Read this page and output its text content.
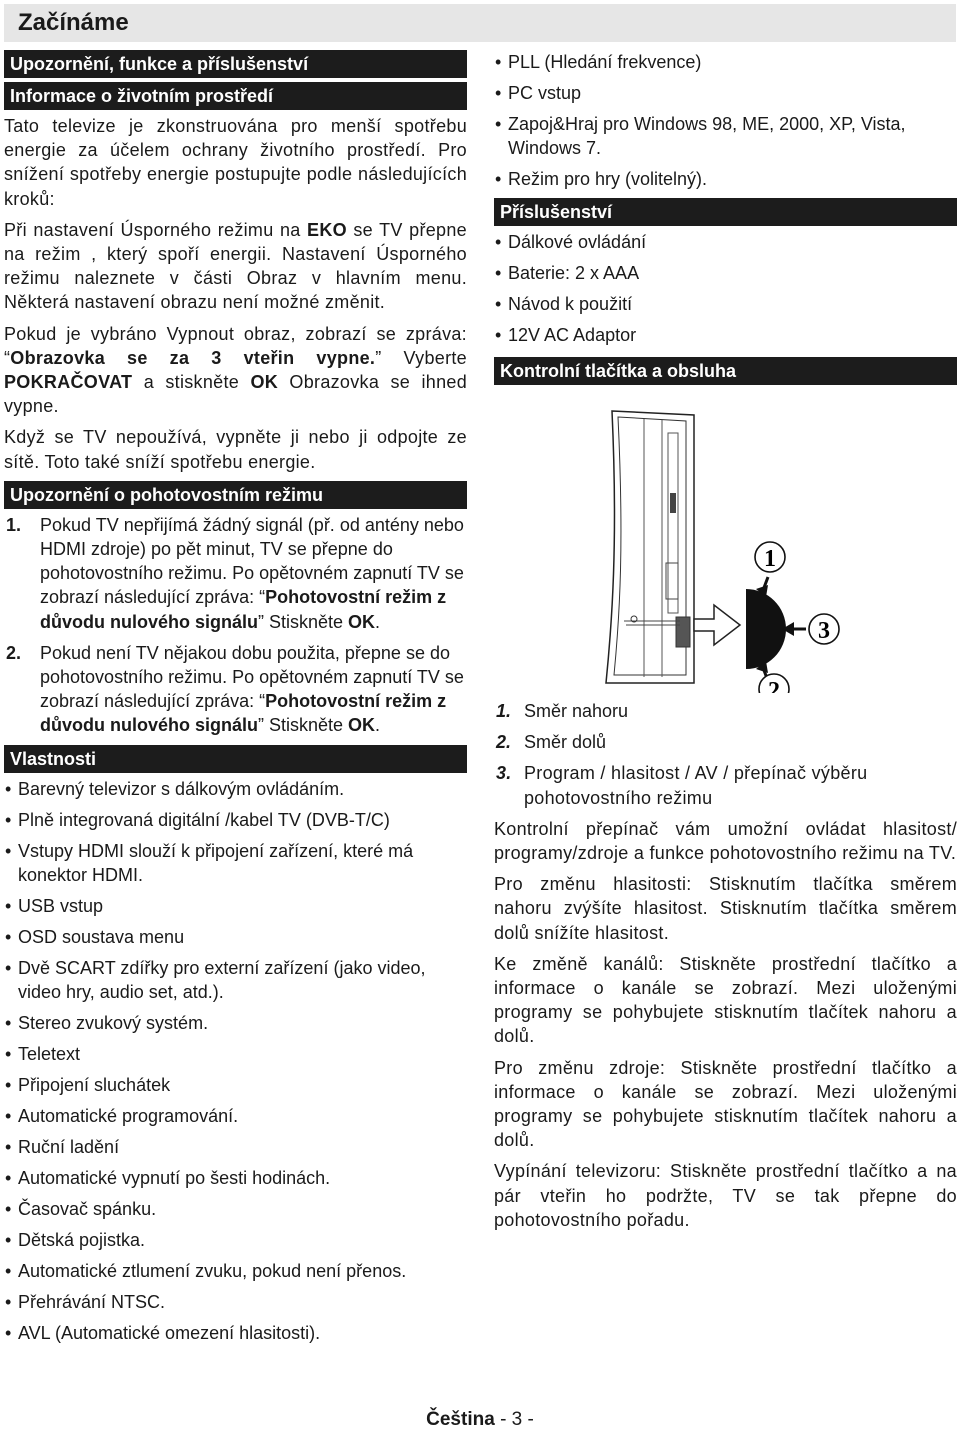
Začínáme
Upozornění, funkce a příslušenství
Informace o životním prostředí

Tato televize je zkonstruována pro menší spotřebu energie za účelem ochrany životního prostředí. Pro snížení spotřeby energie postupujte podle následujících kroků:

Při nastavení Úsporného režimu na EKO se TV přepne na režim , který spoří energii. Nastavení Úsporného režimu naleznete v části Obraz v hlavním menu. Některá nastavení obrazu není možné změnit.

Pokud je vybráno Vypnout obraz, zobrazí se zpráva: “Obrazovka se za 3 vteřin vypne.” Vyberte POKRAČOVAT a stiskněte OK Obrazovka se ihned vypne.

Když se TV nepoužívá, vypněte ji nebo ji odpojte ze sítě. Toto také sníží spotřebu energie.

Upozornění o pohotovostním režimu
1. Pokud TV nepřijímá žádný signál (př. od antény nebo HDMI zdroje) po pět minut, TV se přepne do pohotovostního režimu. Po opětovném zapnutí TV se zobrazí následující zpráva: “Pohotovostní režim z důvodu nulového signálu” Stiskněte OK.
2. Pokud není TV nějakou dobu použita, přepne se do pohotovostního režimu. Po opětovném zapnutí TV se zobrazí následující zpráva: “Pohotovostní režim z důvodu nulového signálu” Stiskněte OK.
Vlastnosti
• Barevný televizor s dálkovým ovládáním.
• Plně integrovaná digitální /kabel TV (DVB-T/C)
• Vstupy HDMI slouží k připojení zařízení, které má konektor HDMI.
• USB vstup
• OSD soustava menu
• Dvě SCART zdířky pro externí zařízení (jako video, video hry, audio set, atd.).
• Stereo zvukový systém.
• Teletext
• Připojení sluchátek
• Automatické programování.
• Ruční ladění
• Automatické vypnutí po šesti hodinách.
• Časovač spánku.
• Dětská pojistka.
• Automatické ztlumení zvuku, pokud není přenos.
• Přehrávání NTSC.
• AVL (Automatické omezení hlasitosti).
• PLL (Hledání frekvence)
• PC vstup
• Zapoj&Hraj pro Windows 98, ME, 2000, XP, Vista, Windows 7.
• Režim pro hry (volitelný).
Příslušenství
• Dálkové ovládání
• Baterie: 2 x AAA
• Návod k použití
• 12V AC Adaptor
Kontrolní tlačítka a obsluha
1
3
2
1. Směr nahoru
2. Směr dolů
3. Program / hlasitost / AV / přepínač výběru pohotovostního režimu

Kontrolní přepínač vám umožní ovládat hlasitost/ programy/zdroje a funkce pohotovostního režimu na TV.

Pro změnu hlasitosti: Stisknutím tlačítka směrem nahoru zvýšíte hlasitost. Stisknutím tlačítka směrem dolů snížíte hlasitost.

Ke změně kanálů: Stiskněte prostřední tlačítko a informace o kanále se zobrazí. Mezi uloženými programy se pohybujete stisknutím tlačítek nahoru a dolů.

Pro změnu zdroje: Stiskněte prostřední tlačítko a informace o kanále se zobrazí. Mezi uloženými programy se pohybujete stisknutím tlačítek nahoru a dolů.

Vypínání televizoru: Stiskněte prostřední tlačítko a na pár vteřin ho podržte, TV se tak přepne do pohotovostního pořadu.

Čeština - 3 -
